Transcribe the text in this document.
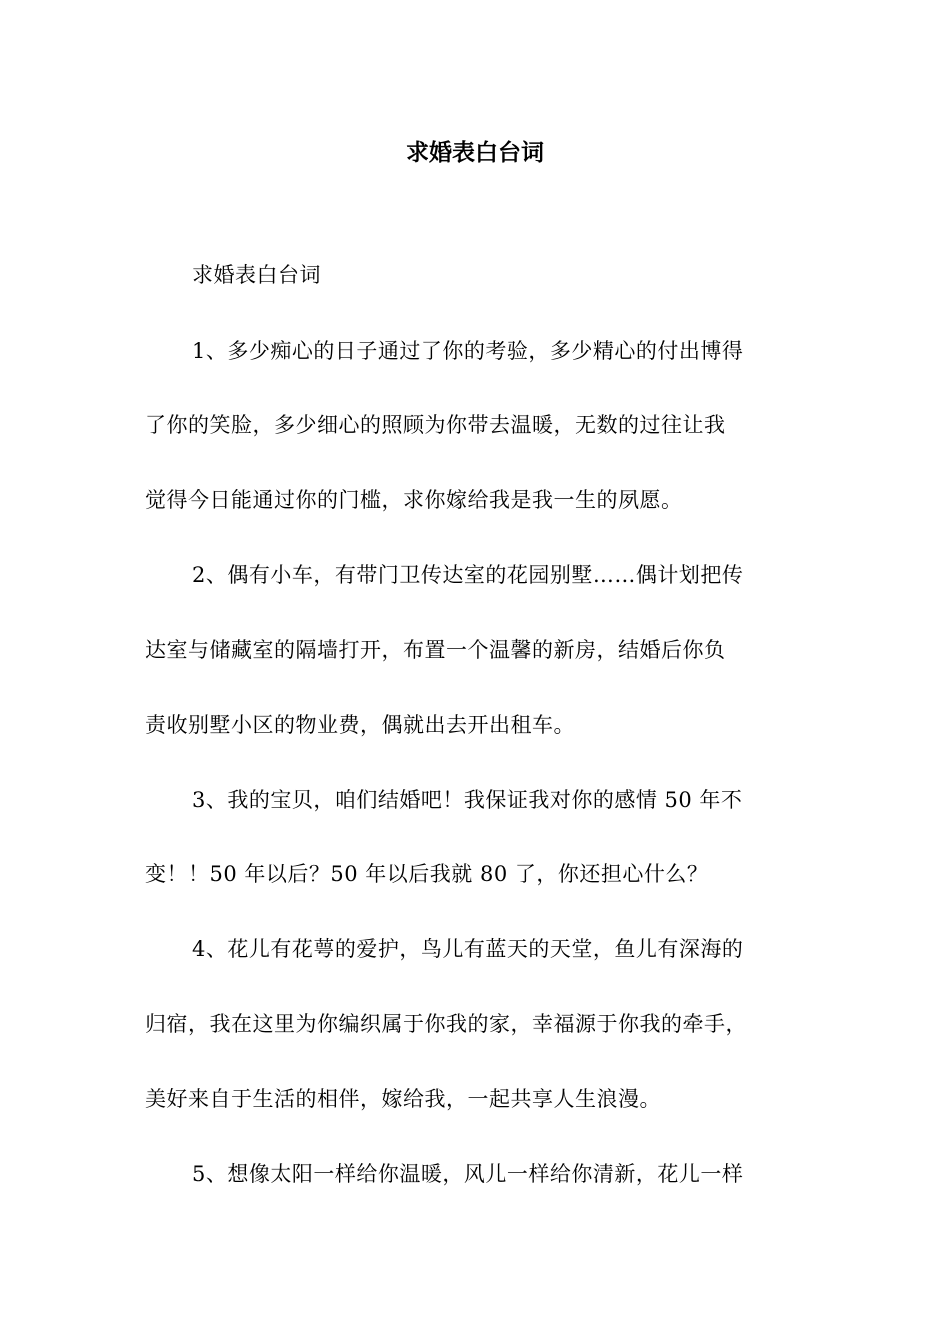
求婚表白台词
求婚表白台词
1、多少痴心的日子通过了你的考验，多少精心的付出博得
了你的笑脸，多少细心的照顾为你带去温暖，无数的过往让我
觉得今日能通过你的门槛，求你嫁给我是我一生的夙愿。
2、偶有小车，有带门卫传达室的花园别墅……偶计划把传
达室与储藏室的隔墙打开，布置一个温馨的新房，结婚后你负
责收别墅小区的物业费，偶就出去开出租车。
3、我的宝贝，咱们结婚吧！我保证我对你的感情 50 年不
变！！50 年以后？50 年以后我就 80 了，你还担心什么？
4、花儿有花萼的爱护，鸟儿有蓝天的天堂，鱼儿有深海的
归宿，我在这里为你编织属于你我的家，幸福源于你我的牵手，
美好来自于生活的相伴，嫁给我，一起共享人生浪漫。
5、想像太阳一样给你温暖，风儿一样给你清新，花儿一样
